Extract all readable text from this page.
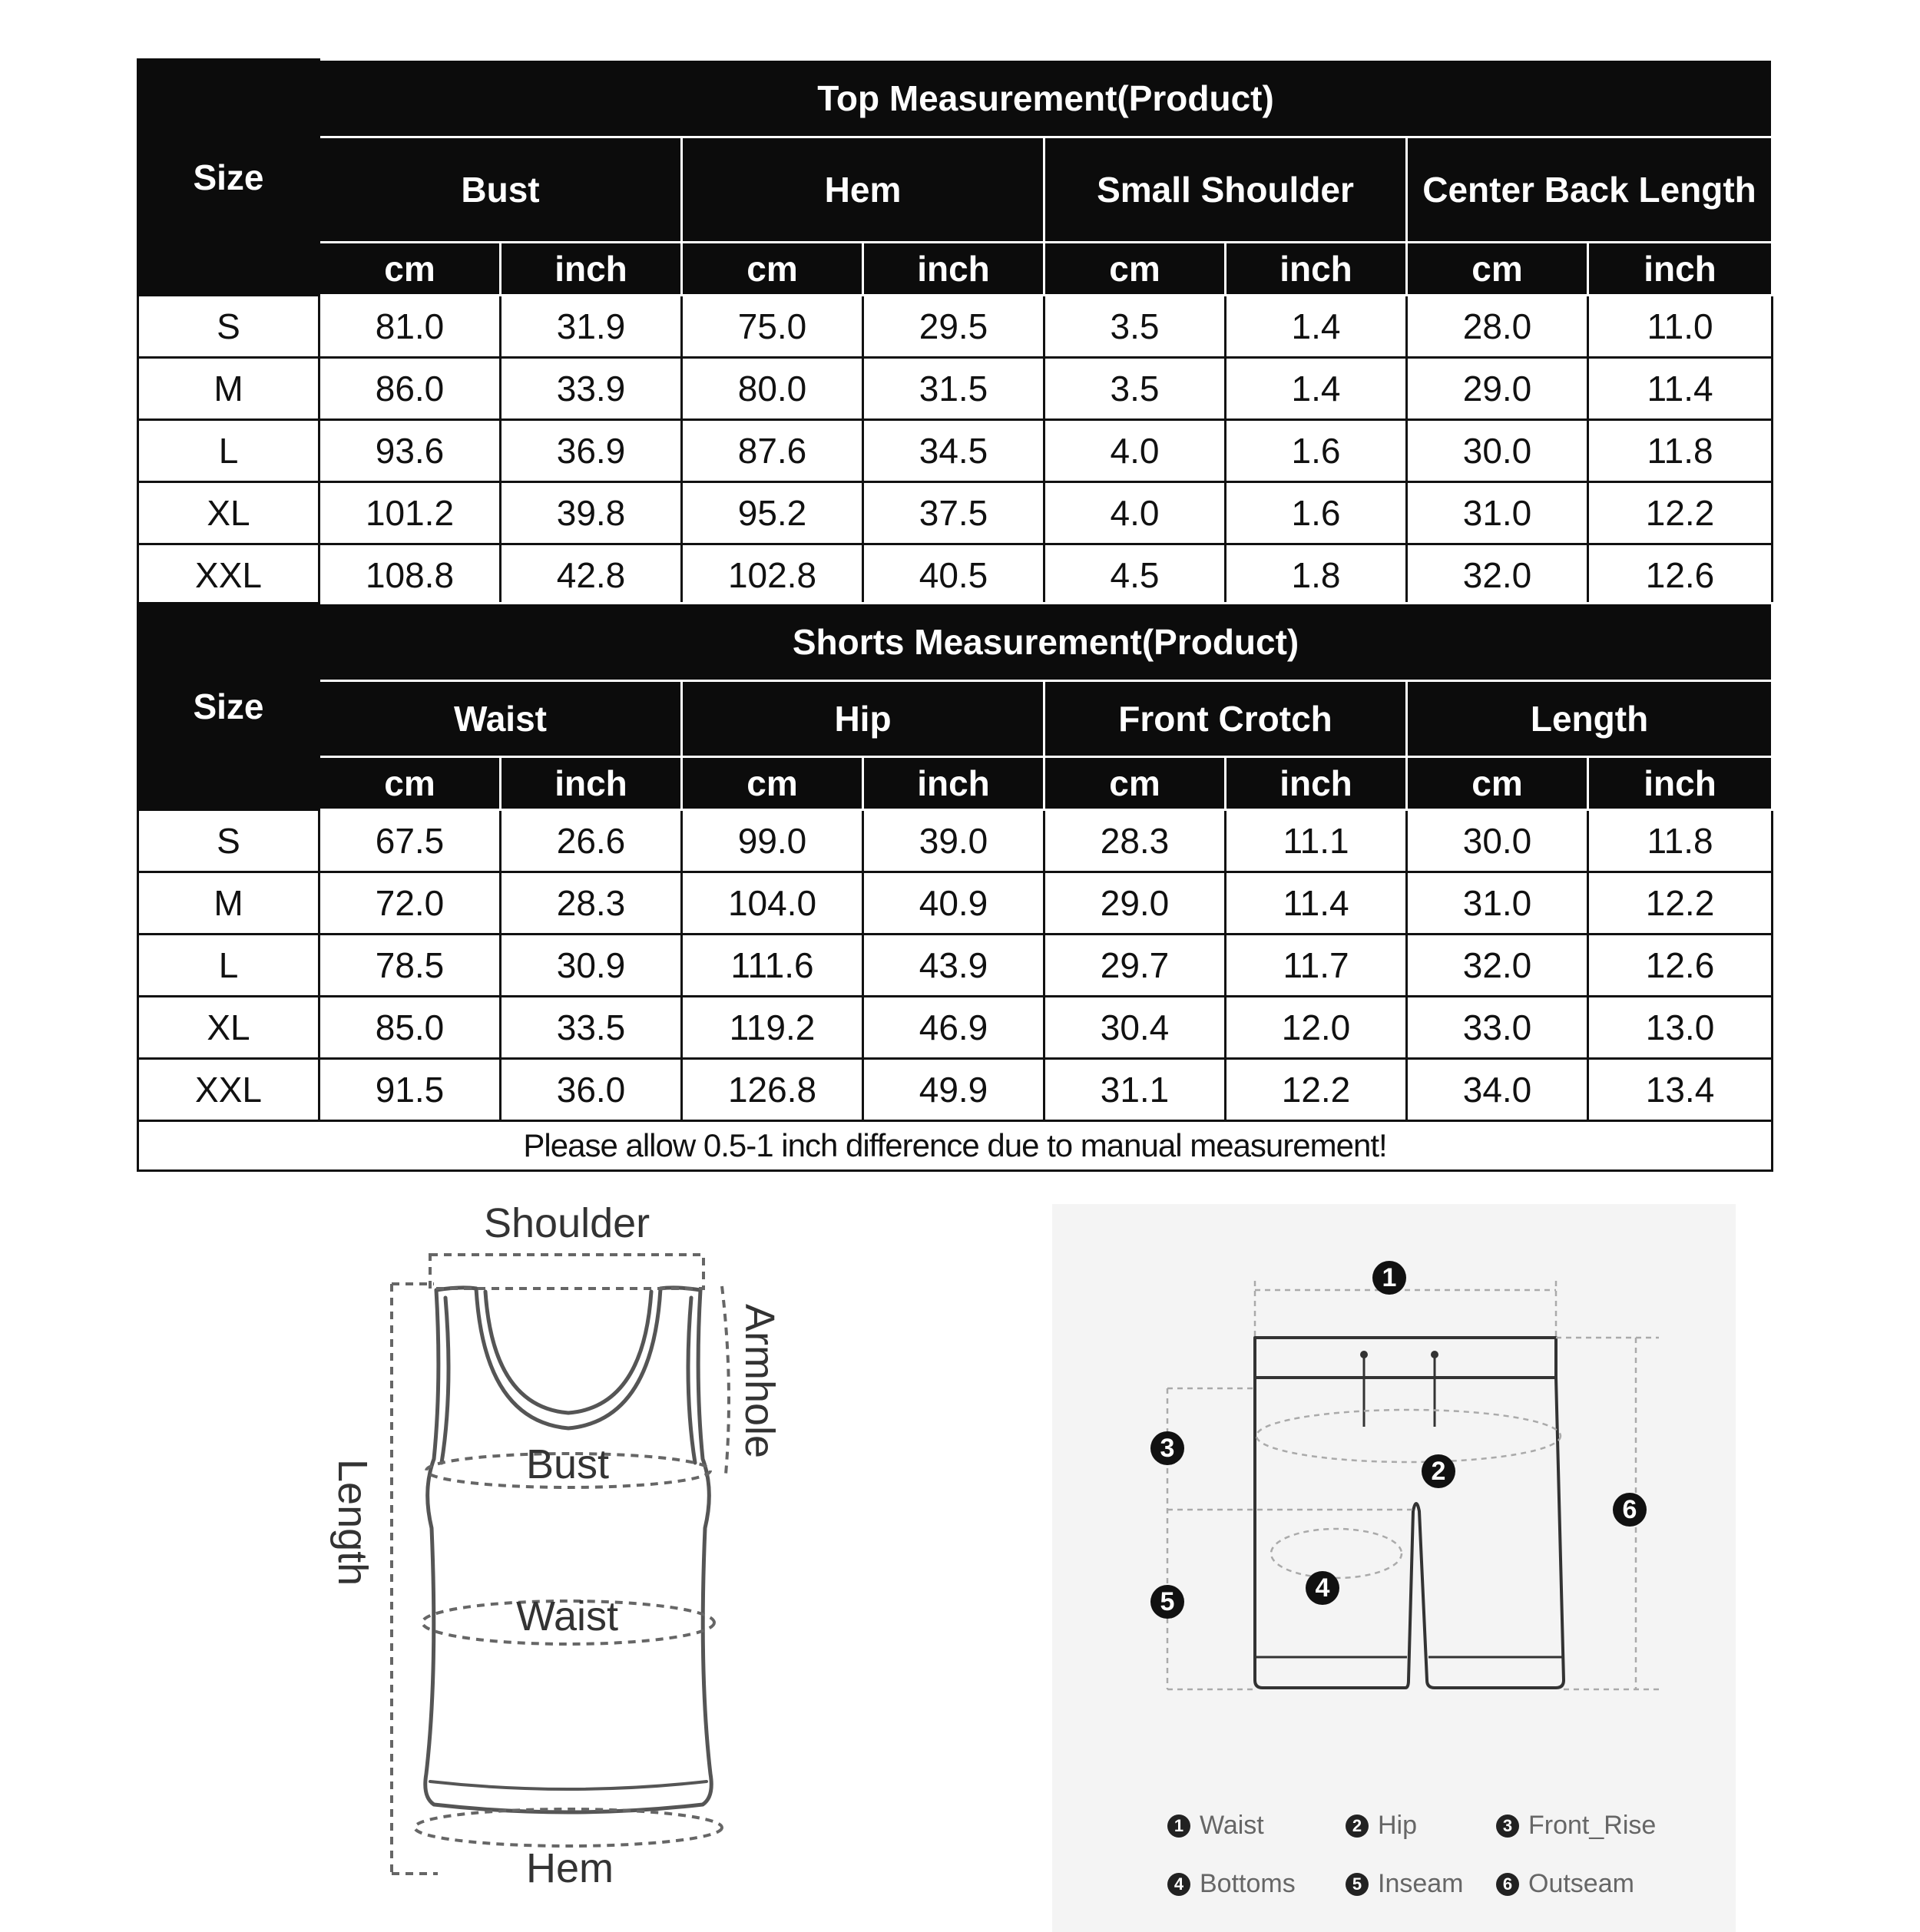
Size	Top Measurement(Product)							
	Bust		Hem		Small Shoulder		Center Back Length	
	cm	inch	cm	inch	cm	inch	cm	inch
S	81.0	31.9	75.0	29.5	3.5	1.4	28.0	11.0
M	86.0	33.9	80.0	31.5	3.5	1.4	29.0	11.4
L	93.6	36.9	87.6	34.5	4.0	1.6	30.0	11.8
XL	101.2	39.8	95.2	37.5	4.0	1.6	31.0	12.2
XXL	108.8	42.8	102.8	40.5	4.5	1.8	32.0	12.6
Size	Shorts Measurement(Product)							
	Waist		Hip		Front Crotch		Length	
	cm	inch	cm	inch	cm	inch	cm	inch
S	67.5	26.6	99.0	39.0	28.3	11.1	30.0	11.8
M	72.0	28.3	104.0	40.9	29.0	11.4	31.0	12.2
L	78.5	30.9	111.6	43.9	29.7	11.7	32.0	12.6
XL	85.0	33.5	119.2	46.9	30.4	12.0	33.0	13.0
XXL	91.5	36.0	126.8	49.9	31.1	12.2	34.0	13.4
Please allow 0.5-1 inch difference due to manual measurement!								
Shoulder
Armhole
Length	Bust
Waist
Hem
1
2
3
4
5
6
1 Waist	2 Hip	3 Front_Rise
4 Bottoms	5 Inseam	6 Outseam
